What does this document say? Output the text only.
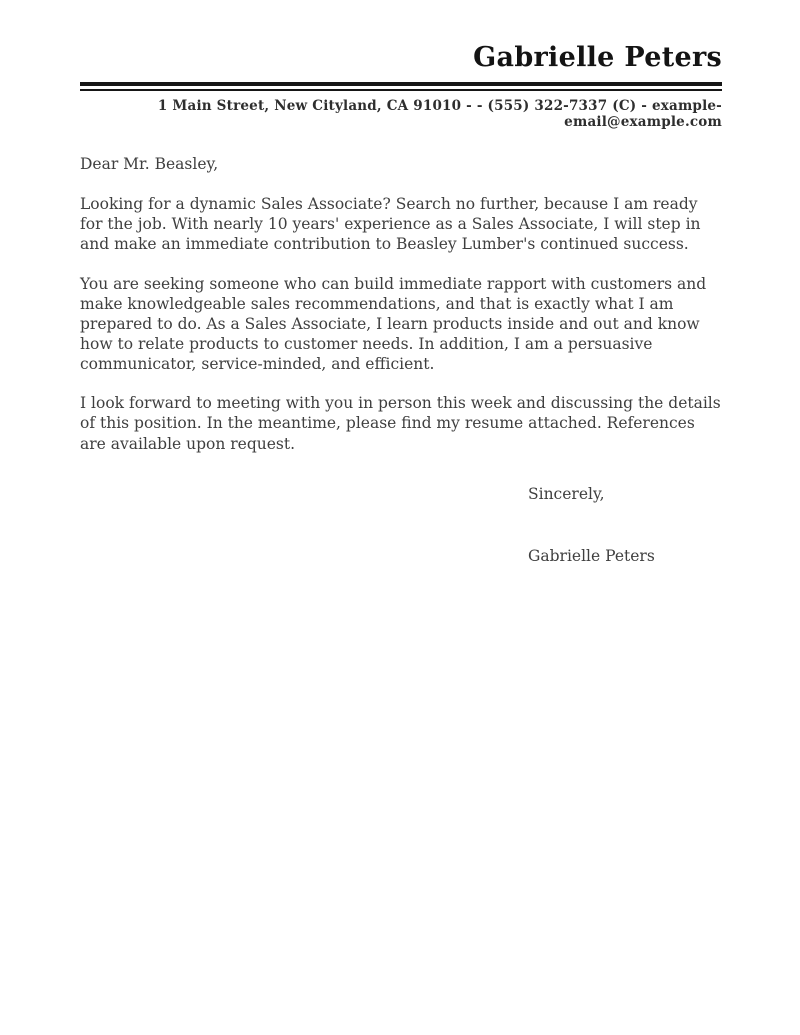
Gabrielle Peters
1 Main Street, New Cityland, CA 91010 - - (555) 322-7337 (C) - example-email@example.com

Dear Mr. Beasley,

Looking for a dynamic Sales Associate? Search no further, because I am ready for the job. With nearly 10 years' experience as a Sales Associate, I will step in and make an immediate contribution to Beasley Lumber's continued success.

You are seeking someone who can build immediate rapport with customers and make knowledgeable sales recommendations, and that is exactly what I am prepared to do. As a Sales Associate, I learn products inside and out and know how to relate products to customer needs. In addition, I am a persuasive communicator, service-minded, and efficient.

I look forward to meeting with you in person this week and discussing the details of this position. In the meantime, please find my resume attached. References are available upon request.

Sincerely,

Gabrielle Peters
